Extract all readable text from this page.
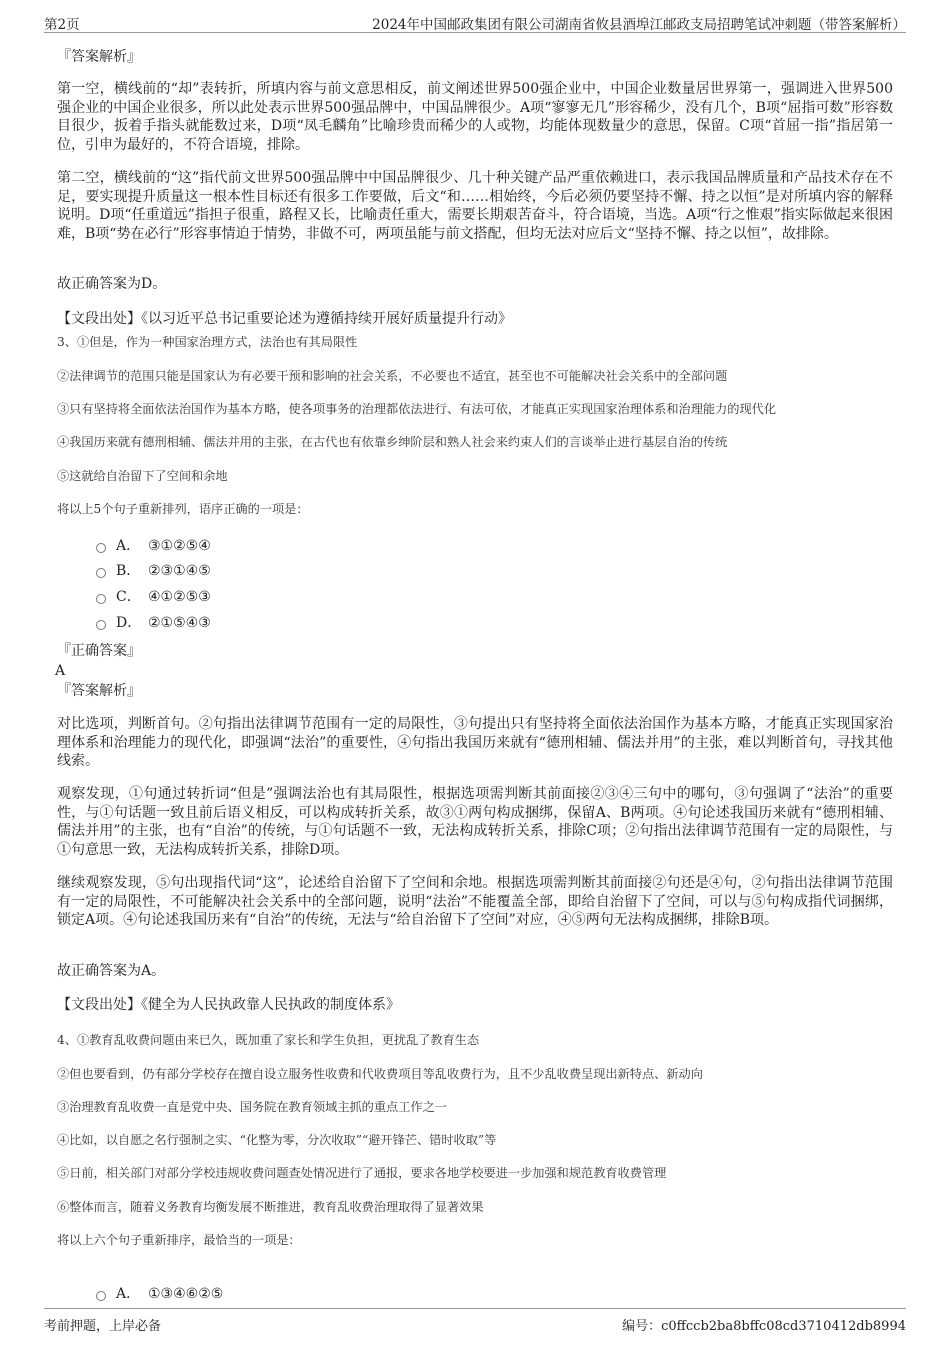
第2页	2024年中国邮政集团有限公司湖南省攸县酒埠江邮政支局招聘笔试冲刺题（带答案解析）
『答案解析』

第一空，横线前的“却”表转折，所填内容与前文意思相反，前文阐述世界500强企业中，中国企业数量居世界第一，强调进入世界500强企业的中国企业很多，所以此处表示世界500强品牌中，中国品牌很少。A项“寥寥无几”形容稀少，没有几个，B项“屈指可数”形容数目很少，扳着手指头就能数过来，D项“凤毛麟角”比喻珍贵而稀少的人或物，均能体现数量少的意思，保留。C项“首屈一指”指居第一位，引申为最好的，不符合语境，排除。

第二空，横线前的“这”指代前文世界500强品牌中中国品牌很少、几十种关键产品严重依赖进口，表示我国品牌质量和产品技术存在不足，要实现提升质量这一根本性目标还有很多工作要做，后文“和……相始终，今后必须仍要坚持不懈、持之以恒”是对所填内容的解释说明。D项“任重道远”指担子很重，路程又长，比喻责任重大，需要长期艰苦奋斗，符合语境，当选。A项“行之惟艰”指实际做起来很困难，B项“势在必行”形容事情迫于情势，非做不可，两项虽能与前文搭配，但均无法对应后文“坚持不懈、持之以恒”，故排除。

故正确答案为D。
【文段出处】《以习近平总书记重要论述为遵循持续开展好质量提升行动》
3、①但是，作为一种国家治理方式，法治也有其局限性
②法律调节的范围只能是国家认为有必要干预和影响的社会关系，不必要也不适宜，甚至也不可能解决社会关系中的全部问题
③只有坚持将全面依法治国作为基本方略，使各项事务的治理都依法进行、有法可依，才能真正实现国家治理体系和治理能力的现代化
④我国历来就有德刑相辅、儒法并用的主张，在古代也有依靠乡绅阶层和熟人社会来约束人们的言谈举止进行基层自治的传统
⑤这就给自治留下了空间和余地
将以上5个句子重新排列，语序正确的一项是：
A． ③①②⑤④
B． ②③①④⑤
C． ④①②⑤③
D． ②①⑤④③
『正确答案』
A
『答案解析』

对比选项，判断首句。②句指出法律调节范围有一定的局限性，③句提出只有坚持将全面依法治国作为基本方略，才能真正实现国家治理体系和治理能力的现代化，即强调“法治”的重要性，④句指出我国历来就有“德刑相辅、儒法并用”的主张，难以判断首句，寻找其他线索。

观察发现，①句通过转折词“但是”强调法治也有其局限性，根据选项需判断其前面接②③④三句中的哪句，③句强调了“法治”的重要性，与①句话题一致且前后语义相反，可以构成转折关系，故③①两句构成捆绑，保留A、B两项。④句论述我国历来就有“德刑相辅、儒法并用”的主张，也有“自治”的传统，与①句话题不一致，无法构成转折关系，排除C项；②句指出法律调节范围有一定的局限性，与①句意思一致，无法构成转折关系，排除D项。

继续观察发现，⑤句出现指代词“这”，论述给自治留下了空间和余地。根据选项需判断其前面接②句还是④句，②句指出法律调节范围有一定的局限性，不可能解决社会关系中的全部问题，说明“法治”不能覆盖全部，即给自治留下了空间，可以与⑤句构成指代词捆绑，锁定A项。④句论述我国历来有“自治”的传统，无法与“给自治留下了空间”对应，④⑤两句无法构成捆绑，排除B项。

故正确答案为A。
【文段出处】《健全为人民执政靠人民执政的制度体系》
4、①教育乱收费问题由来已久，既加重了家长和学生负担，更扰乱了教育生态
②但也要看到，仍有部分学校存在擅自设立服务性收费和代收费项目等乱收费行为，且不少乱收费呈现出新特点、新动向
③治理教育乱收费一直是党中央、国务院在教育领域主抓的重点工作之一
④比如，以自愿之名行强制之实、“化整为零，分次收取”“避开锋芒、错时收取”等
⑤日前，相关部门对部分学校违规收费问题查处情况进行了通报，要求各地学校要进一步加强和规范教育收费管理
⑥整体而言，随着义务教育均衡发展不断推进，教育乱收费治理取得了显著效果
将以上六个句子重新排序，最恰当的一项是：
A． ①③④⑥②⑤
考前押题，上岸必备	编号：c0ffccb2ba8bffc08cd3710412db8994
